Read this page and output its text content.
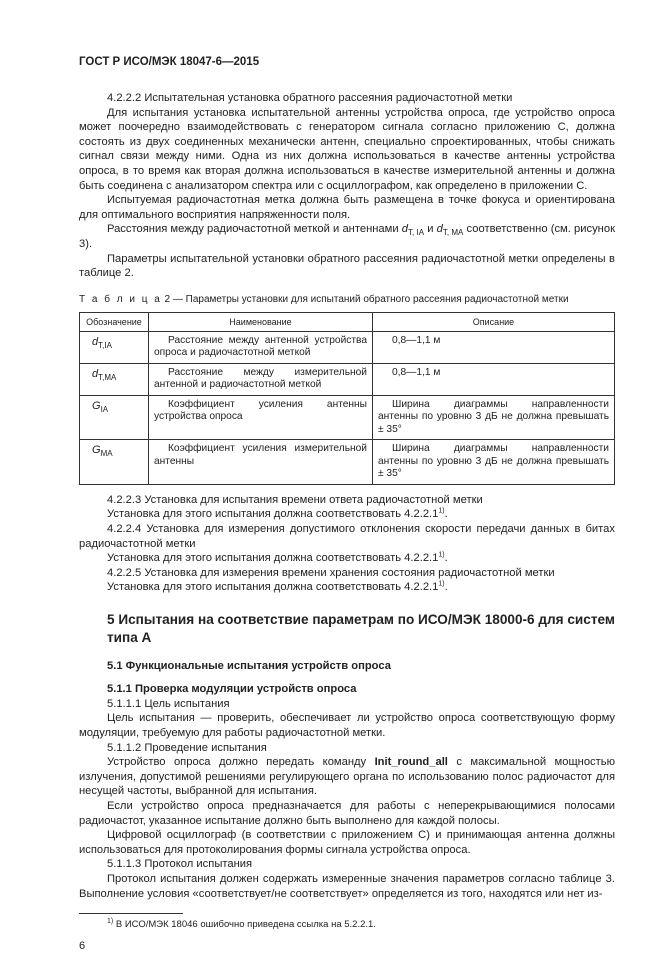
ГОСТ Р ИСО/МЭК 18047-6—2015

4.2.2.2 Испытательная установка обратного рассеяния радиочастотной метки

Для испытания установка испытательной антенны устройства опроса, где устройство опроса может поочередно взаимодействовать с генератором сигнала согласно приложению С, должна состоять из двух соединенных механически антенн, специально спроектированных, чтобы снижать сигнал связи между ними. Одна из них должна использоваться в качестве антенны устройства опроса, в то время как вторая должна использоваться в качестве измерительной антенны и должна быть соединена с анализатором спектра или с осциллографом, как определено в приложении С.

Испытуемая радиочастотная метка должна быть размещена в точке фокуса и ориентирована для оптимального восприятия напряженности поля.

Расстояния между радиочастотной меткой и антеннами $d_{T, IA}$ и $d_{T, MA}$ соответственно (см. рисунок 3).

Параметры испытательной установки обратного рассеяния радиочастотной метки определены в таблице 2.

Т а б л и ц а 2 — Параметры установки для испытаний обратного рассеяния радиочастотной метки
Обозначение	Наименование	Описание
$d_{T,IA}$	Расстояние между антенной устройства опроса и радиочастотной меткой	0,8—1,1 м
$d_{T,MA}$	Расстояние между измерительной антенной и радиочастотной меткой	0,8—1,1 м
$G_{IA}$	Коэффициент усиления антенны устройства опроса	Ширина диаграммы направленности антенны по уровню 3 дБ не должна превышать ± 35°

$G_{MA}$	Коэффициент усиления измерительной антенны	Ширина диаграммы направленности антенны по уровню 3 дБ не должна превышать ± 35°

4.2.2.3 Установка для испытания времени ответа радиочастотной метки

Установка для этого испытания должна соответствовать 4.2.2.1$^{1)}$.

4.2.2.4 Установка для измерения допустимого отклонения скорости передачи данных в битах радиочастотной метки

Установка для этого испытания должна соответствовать 4.2.2.1$^{1)}$.

4.2.2.5 Установка для измерения времени хранения состояния радиочастотной метки

Установка для этого испытания должна соответствовать 4.2.2.1$^{1)}$.

5 Испытания на соответствие параметрам по ИСО/МЭК 18000-6 для систем типа А
5.1 Функциональные испытания устройств опроса
5.1.1 Проверка модуляции устройств опроса

5.1.1.1 Цель испытания

Цель испытания — проверить, обеспечивает ли устройство опроса соответствующую форму модуляции, требуемую для работы радиочастотной метки.

5.1.1.2 Проведение испытания

Устройство опроса должно передать команду Init_round_all с максимальной мощностью излучения, допустимой решениями регулирующего органа по использованию полос радиочастот для несущей частоты, выбранной для испытания.

Если устройство опроса предназначается для работы с неперекрывающимися полосами радиочастот, указанное испытание должно быть выполнено для каждой полосы.

Цифровой осциллограф (в соответствии с приложением С) и принимающая антенна должны использоваться для протоколирования формы сигнала устройства опроса.

5.1.1.3 Протокол испытания

Протокол испытания должен содержать измеренные значения параметров согласно таблице 3. Выполнение условия «соответствует/не соответствует» определяется из того, находятся или нет из-

$^{1)}$ В ИСО/МЭК 18046 ошибочно приведена ссылка на 5.2.2.1.
6
